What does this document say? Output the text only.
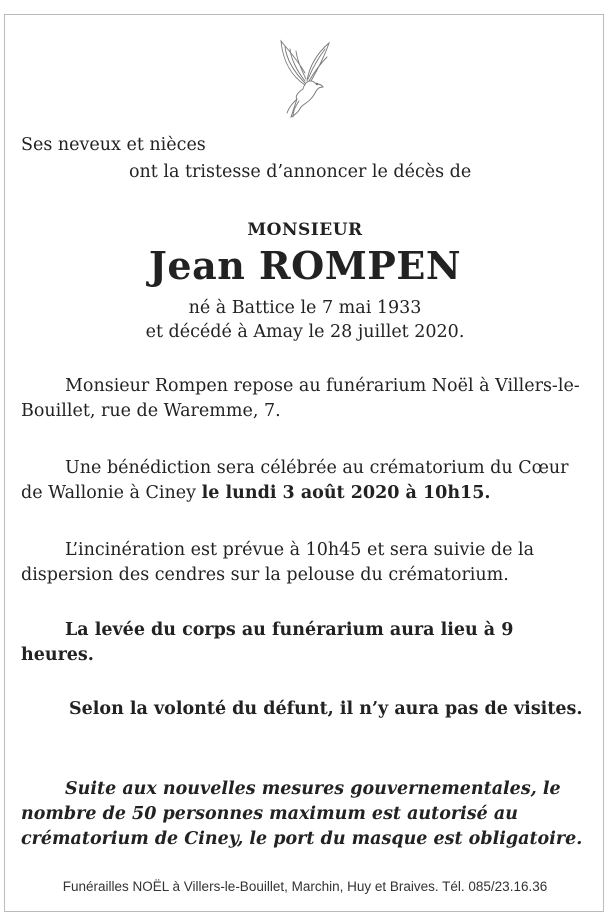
Ses neveux et nièces

ont la tristesse d’annoncer le décès de

MONSIEUR
Jean ROMPEN
né à Battice le 7 mai 1933
et décédé à Amay le 28 juillet 2020.

Monsieur Rompen repose au funérarium Noël à Villers-le-Bouillet, rue de Waremme, 7.

Une bénédiction sera célébrée au crématorium du Cœur de Wallonie à Ciney le lundi 3 août 2020 à 10h15.

L’incinération est prévue à 10h45 et sera suivie de la dispersion des cendres sur la pelouse du crématorium.

La levée du corps au funérarium aura lieu à 9 heures.

Selon la volonté du défunt, il n’y aura pas de visites.

Suite aux nouvelles mesures gouvernementales, le nombre de 50 personnes maximum est autorisé au crématorium de Ciney, le port du masque est obligatoire.

Funérailles NOËL à Villers-le-Bouillet, Marchin, Huy et Braives. Tél. 085/23.16.36
